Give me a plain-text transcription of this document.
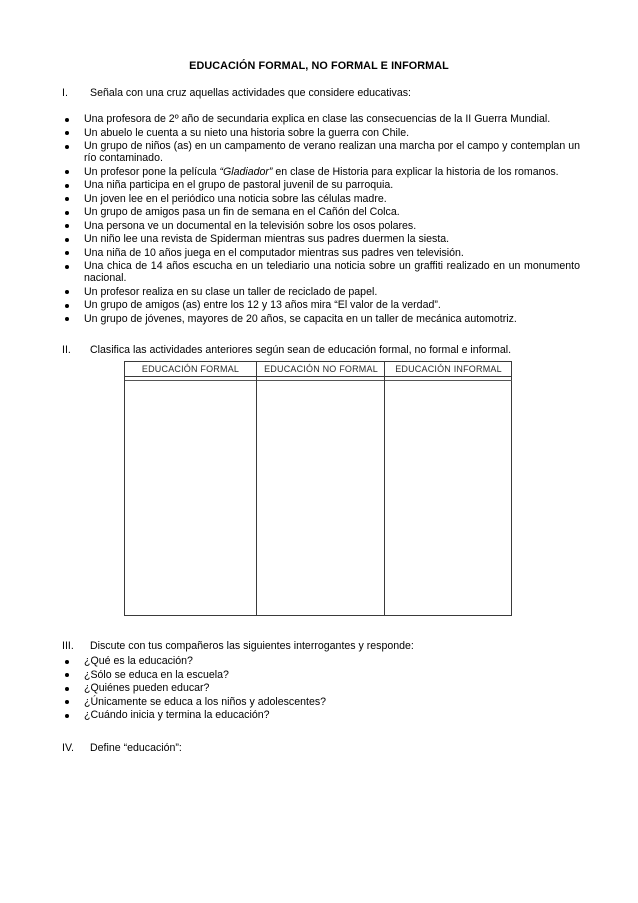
EDUCACIÓN FORMAL, NO FORMAL E INFORMAL
I. Señala con una cruz aquellas actividades que considere educativas:
Una profesora de 2º año de secundaria explica en clase las consecuencias de la II Guerra Mundial.
Un abuelo le cuenta a su nieto una historia sobre la guerra con Chile.
Un grupo de niños (as) en un campamento de verano realizan una marcha por el campo y contemplan un río contaminado.
Un profesor pone la película “Gladiador” en clase de Historia para explicar la historia de los romanos.
Una niña participa en el grupo de pastoral juvenil de su parroquia.
Un joven lee en el periódico una noticia sobre las células madre.
Un grupo de amigos pasa un fin de semana en el Cañón del Colca.
Una persona ve un documental en la televisión sobre los osos polares.
Un niño lee una revista de Spiderman mientras sus padres duermen la siesta.
Una niña de 10 años juega en el computador mientras sus padres ven televisión.
Una chica de 14 años escucha en un telediario una noticia sobre un graffiti realizado en un monumento nacional.
Un profesor realiza en su clase un taller de reciclado de papel.
Un grupo de amigos (as) entre los 12 y 13 años mira “El valor de la verdad”.
Un grupo de jóvenes, mayores de 20 años, se capacita en un taller de mecánica automotriz.
II. Clasifica las actividades anteriores según sean de educación formal, no formal e informal.
EDUCACIÓN FORMAL	EDUCACIÓN NO FORMAL	EDUCACIÓN INFORMAL
III. Discute con tus compañeros las siguientes interrogantes y responde:
¿Qué es la educación?
¿Sólo se educa en la escuela?
¿Quiénes pueden educar?
¿Únicamente se educa a los niños y adolescentes?
¿Cuándo inicia y termina la educación?
IV. Define “educación”:
